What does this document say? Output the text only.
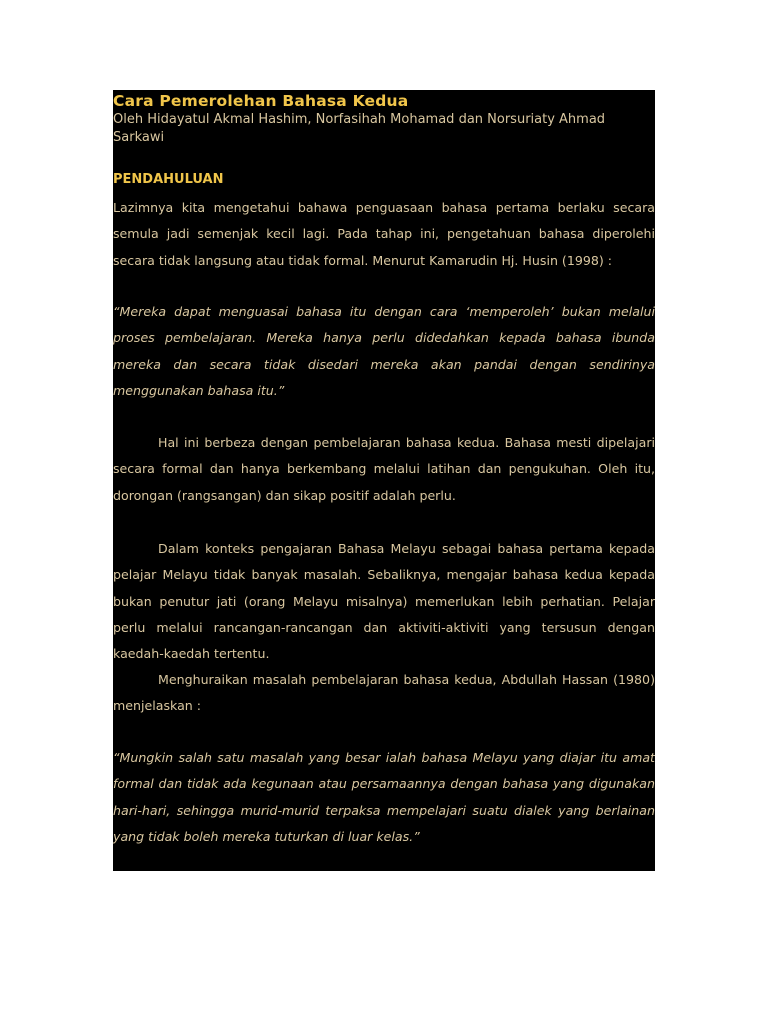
Cara Pemerolehan Bahasa Kedua
Oleh Hidayatul Akmal Hashim, Norfasihah Mohamad dan Norsuriaty Ahmad Sarkawi
PENDAHULUAN
Lazimnya kita mengetahui bahawa penguasaan bahasa pertama berlaku secara semula jadi semenjak kecil lagi. Pada tahap ini, pengetahuan bahasa diperolehi secara tidak langsung atau tidak formal. Menurut Kamarudin Hj. Husin (1998) :
“Mereka dapat menguasai bahasa itu dengan cara ‘memperoleh’ bukan melalui proses pembelajaran. Mereka hanya perlu didedahkan kepada bahasa ibunda mereka dan secara tidak disedari mereka akan pandai dengan sendirinya menggunakan bahasa itu.”
Hal ini berbeza dengan pembelajaran bahasa kedua. Bahasa mesti dipelajari secara formal dan hanya berkembang melalui latihan dan pengukuhan. Oleh itu, dorongan (rangsangan) dan sikap positif adalah perlu.
Dalam konteks pengajaran Bahasa Melayu sebagai bahasa pertama kepada pelajar Melayu tidak banyak masalah. Sebaliknya, mengajar bahasa kedua kepada bukan penutur jati (orang Melayu misalnya) memerlukan lebih perhatian. Pelajar perlu melalui rancangan-rancangan dan aktiviti-aktiviti yang tersusun dengan kaedah-kaedah tertentu.
Menghuraikan masalah pembelajaran bahasa kedua, Abdullah Hassan (1980) menjelaskan :
“Mungkin salah satu masalah yang besar ialah bahasa Melayu yang diajar itu amat formal dan tidak ada kegunaan atau persamaannya dengan bahasa yang digunakan hari-hari, sehingga murid-murid terpaksa mempelajari suatu dialek yang berlainan yang tidak boleh mereka tuturkan di luar kelas.”
